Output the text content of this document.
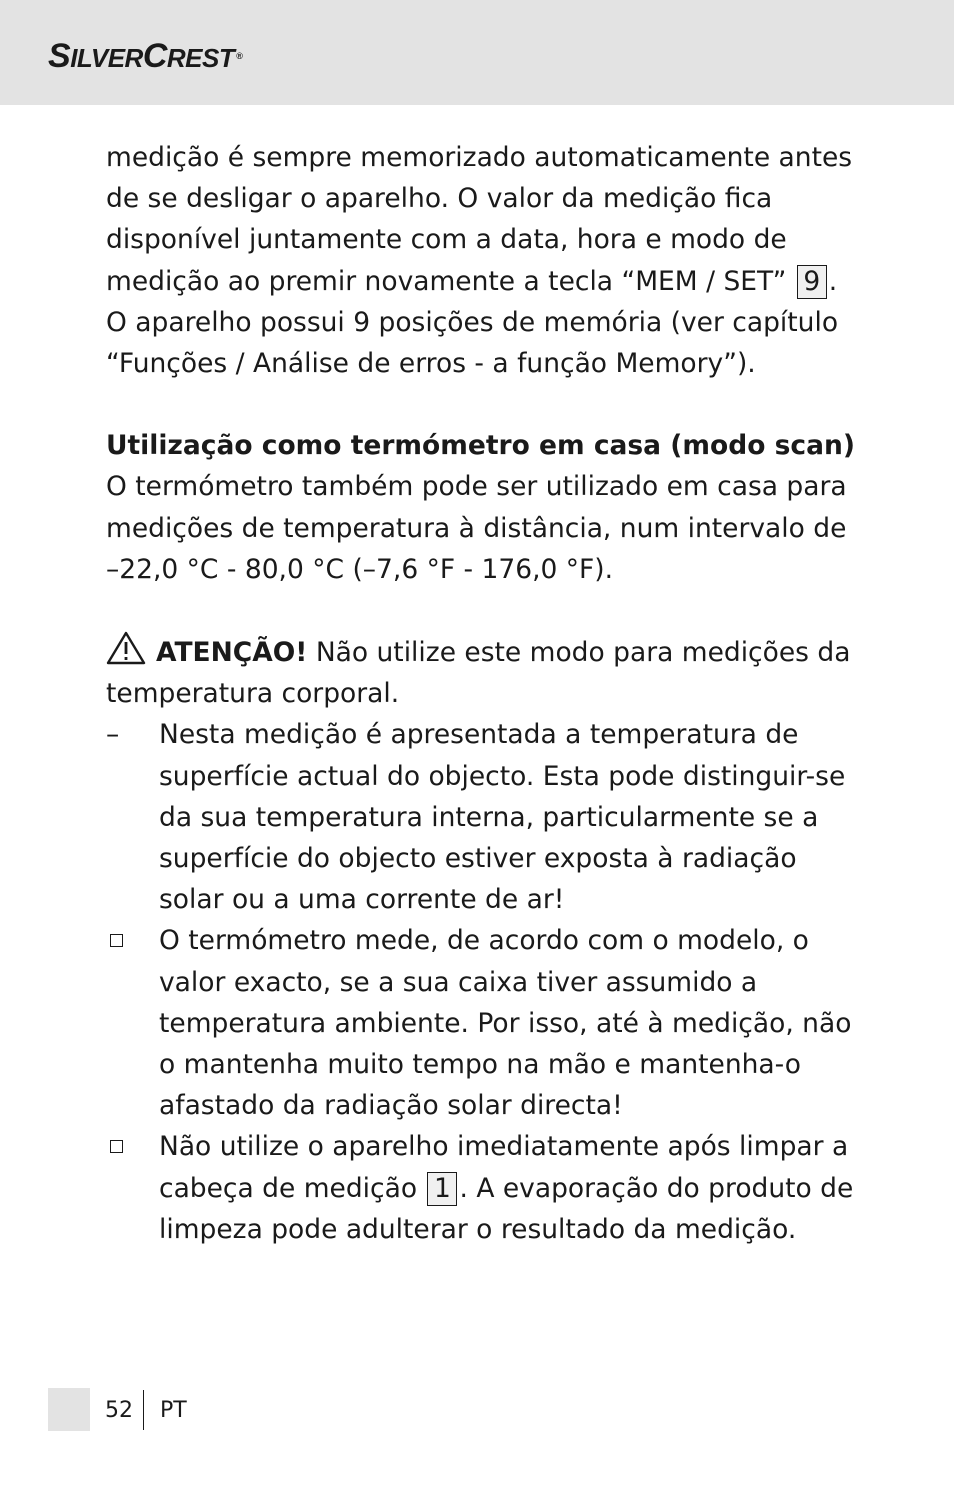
SILVERCREST ®

medição é sempre memorizado automaticamente antes de se desligar o aparelho. O valor da medição fica disponível juntamente com a data, hora e modo de medição ao premir novamente a tecla “MEM / SET” 9 . O aparelho possui 9 posições de memória (ver capítulo “Funções / Análise de erros - a função Memory”).

Utilização como termómetro em casa (modo scan)

O termómetro também pode ser utilizado em casa para medições de temperatura à distância, num intervalo de –22,0 °C - 80,0 °C (–7,6 °F - 176,0 °F).

ATENÇÃO! Não utilize este modo para medições da temperatura corporal.

–	Nesta medição é apresentada a temperatura de superfície actual do objecto. Esta pode distinguir-se da sua temperatura interna, particularmente se a superfície do objecto estiver exposta à radiação solar ou a uma corrente de ar!
O termómetro mede, de acordo com o modelo, o valor exacto, se a sua caixa tiver assumido a temperatura ambiente. Por isso, até à medição, não o mantenha muito tempo na mão e mantenha-o afastado da radiação solar directa!
Não utilize o aparelho imediatamente após limpar a cabeça de medição 1 . A evaporação do produto de limpeza pode adulterar o resultado da medição.
52 PT
